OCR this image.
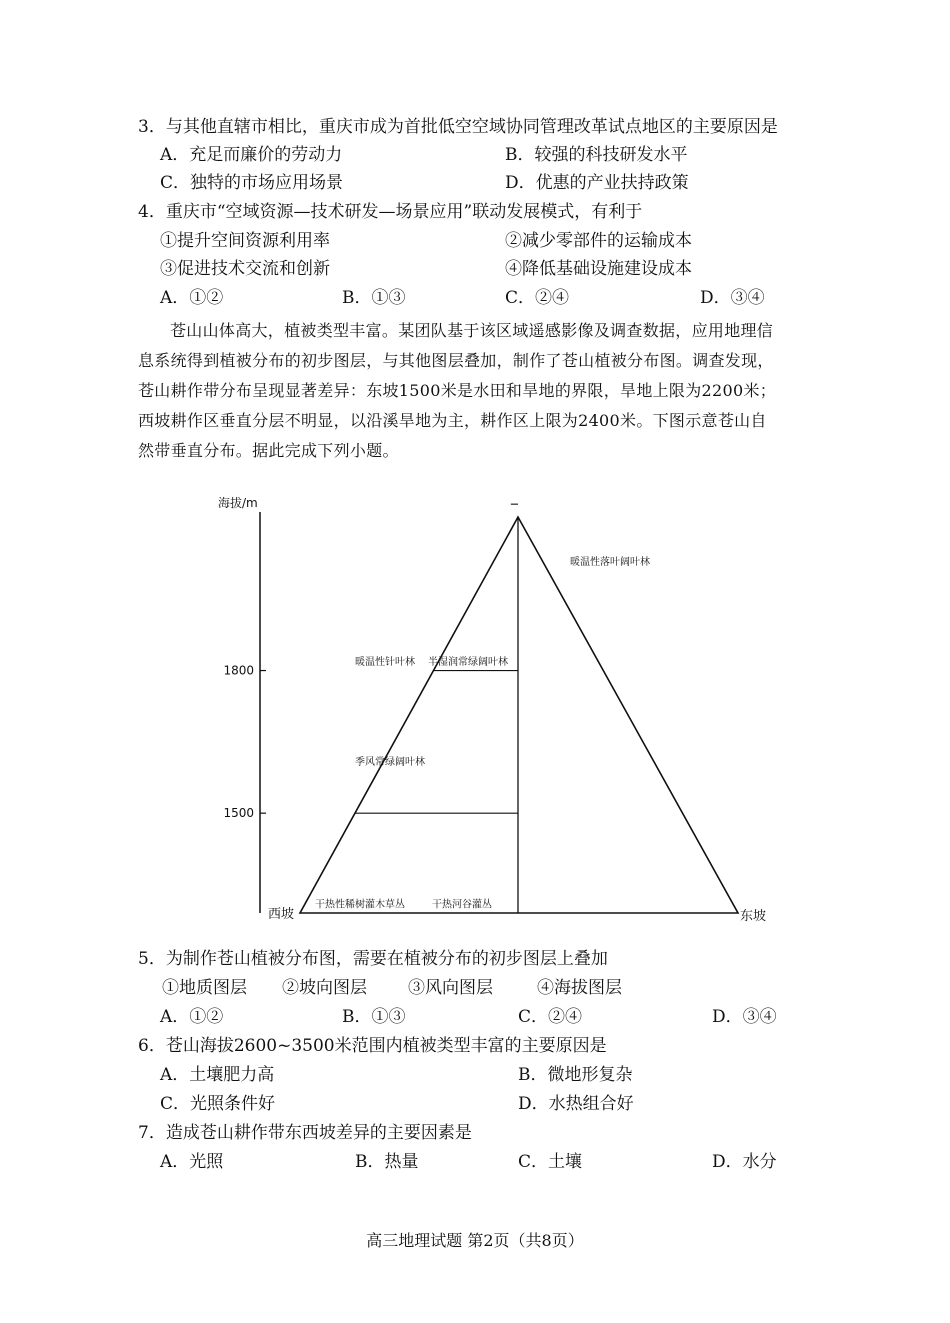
3．与其他直辖市相比，重庆市成为首批低空空域协同管理改革试点地区的主要原因是
A．充足而廉价的劳动力	B．较强的科技研发水平
C．独特的市场应用场景	D．优惠的产业扶持政策
4．重庆市“空域资源—技术研发—场景应用”联动发展模式，有利于
①提升空间资源利用率	②减少零部件的运输成本
③促进技术交流和创新	④降低基础设施建设成本
A．①②	B．①③	C．②④	D．③④
苍山山体高大，植被类型丰富。某团队基于该区域遥感影像及调查数据，应用地理信
息系统得到植被分布的初步图层，与其他图层叠加，制作了苍山植被分布图。调查发现，
苍山耕作带分布呈现显著差异：东坡1500米是水田和旱地的界限，旱地上限为2200米；
西坡耕作区垂直分层不明显，以沿溪旱地为主，耕作区上限为2400米。下图示意苍山自
然带垂直分布。据此完成下列小题。
海拔/m
1800
1500
暖温性针叶林 半湿润常绿阔叶林
季风常绿阔叶林
干热性稀树灌木草丛	干热河谷灌丛
暖温性落叶阔叶林
西坡	东坡
5．为制作苍山植被分布图，需要在植被分布的初步图层上叠加
①地质图层 ②坡向图层 ③风向图层	④海拔图层
A．①②	B．①③	C．②④	D．③④
6．苍山海拔2600~3500米范围内植被类型丰富的主要原因是
A．土壤肥力高	B．微地形复杂
C．光照条件好	D．水热组合好
7．造成苍山耕作带东西坡差异的主要因素是
A．光照	B．热量	C．土壤	D．水分
高三地理试题 第2页（共8页）
